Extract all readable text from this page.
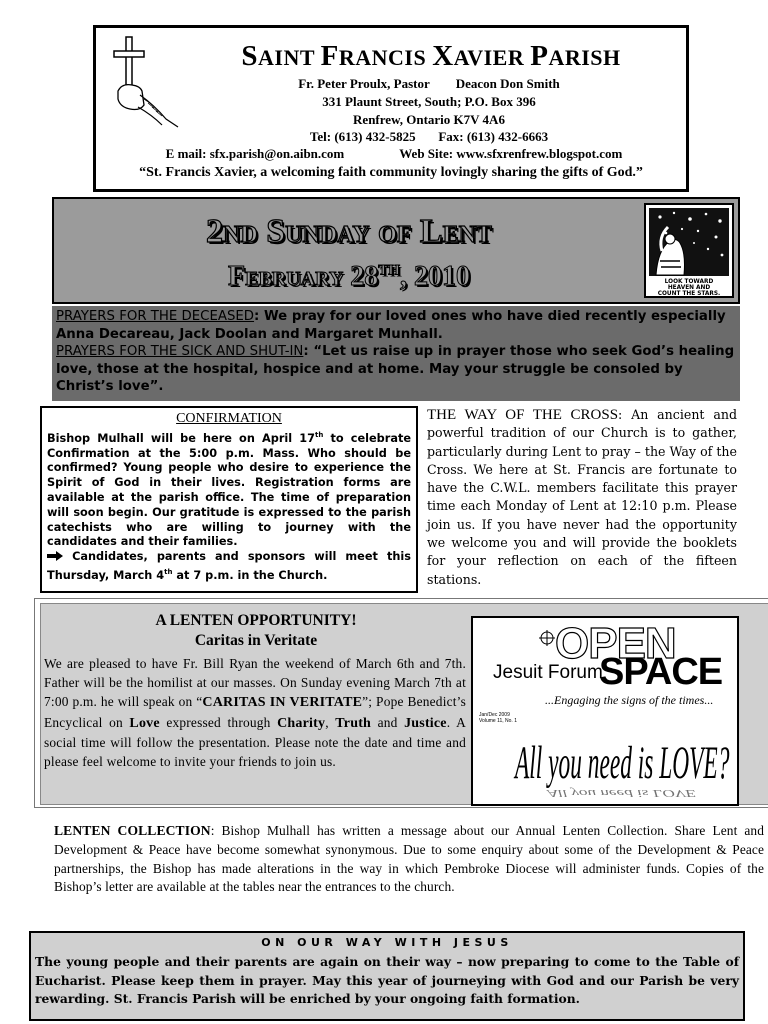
SAINT FRANCIS XAVIER PARISH
Fr. Peter Proulx, Pastor Deacon Don Smith
331 Plaunt Street, South; P.O. Box 396
Renfrew, Ontario K7V 4A6
Tel: (613) 432-5825 Fax: (613) 432-6663
E mail: sfx.parish@on.aibn.com	Web Site: www.sfxrenfrew.blogspot.com
“St. Francis Xavier, a welcoming faith community lovingly sharing the gifts of God.”
2nd Sunday of Lent
February 28TH, 2010	LOOK TOWARD
HEAVEN AND
COUNT THE STARS.
PRAYERS FOR THE DECEASED: We pray for our loved ones who have died recently especially Anna Decareau, Jack Doolan and Margaret Munhall.
PRAYERS FOR THE SICK AND SHUT-IN: “Let us raise up in prayer those who seek God’s healing love, those at the hospital, hospice and at home. May your struggle be consoled by Christ’s love”.
CONFIRMATION
Bishop Mulhall will be here on April 17th to celebrate Confirmation at the 5:00 p.m. Mass. Who should be confirmed? Young people who desire to experience the Spirit of God in their lives. Registration forms are available at the parish office. The time of preparation will soon begin. Our gratitude is expressed to the parish catechists who are willing to journey with the candidates and their families.
Candidates, parents and sponsors will meet this Thursday, March 4th at 7 p.m. in the Church.
THE WAY OF THE CROSS: An ancient and powerful tradition of our Church is to gather, particularly during Lent to pray – the Way of the Cross. We here at St. Francis are fortunate to have the C.W.L. members facilitate this prayer time each Monday of Lent at 12:10 p.m. Please join us. If you have never had the opportunity we welcome you and will provide the booklets for your reflection on each of the fifteen stations.
A LENTEN OPPORTUNITY!
Caritas in Veritate
We are pleased to have Fr. Bill Ryan the weekend of March 6th and 7th. Father will be the homilist at our masses. On Sunday evening March 7th at 7:00 p.m. he will speak on “CARITAS IN VERITATE”; Pope Benedict’s Encyclical on Love expressed through Charity, Truth and Justice. A social time will follow the presentation. Please note the date and time and please feel welcome to invite your friends to join us.
OPEN
Jesuit Forum
SPACE
...Engaging the signs of the times...
Jan/Dec 2009
Volume 11, No. 1
All you need is LOVE?
All you need is LOVE
LENTEN COLLECTION: Bishop Mulhall has written a message about our Annual Lenten Collection. Share Lent and Development & Peace have become somewhat synonymous. Due to some enquiry about some of the Development & Peace partnerships, the Bishop has made alterations in the way in which Pembroke Diocese will administer funds. Copies of the Bishop’s letter are available at the tables near the entrances to the church.
ON OUR WAY WITH JESUS
The young people and their parents are again on their way – now preparing to come to the Table of Eucharist. Please keep them in prayer. May this year of journeying with God and our Parish be very rewarding. St. Francis Parish will be enriched by your ongoing faith formation.
